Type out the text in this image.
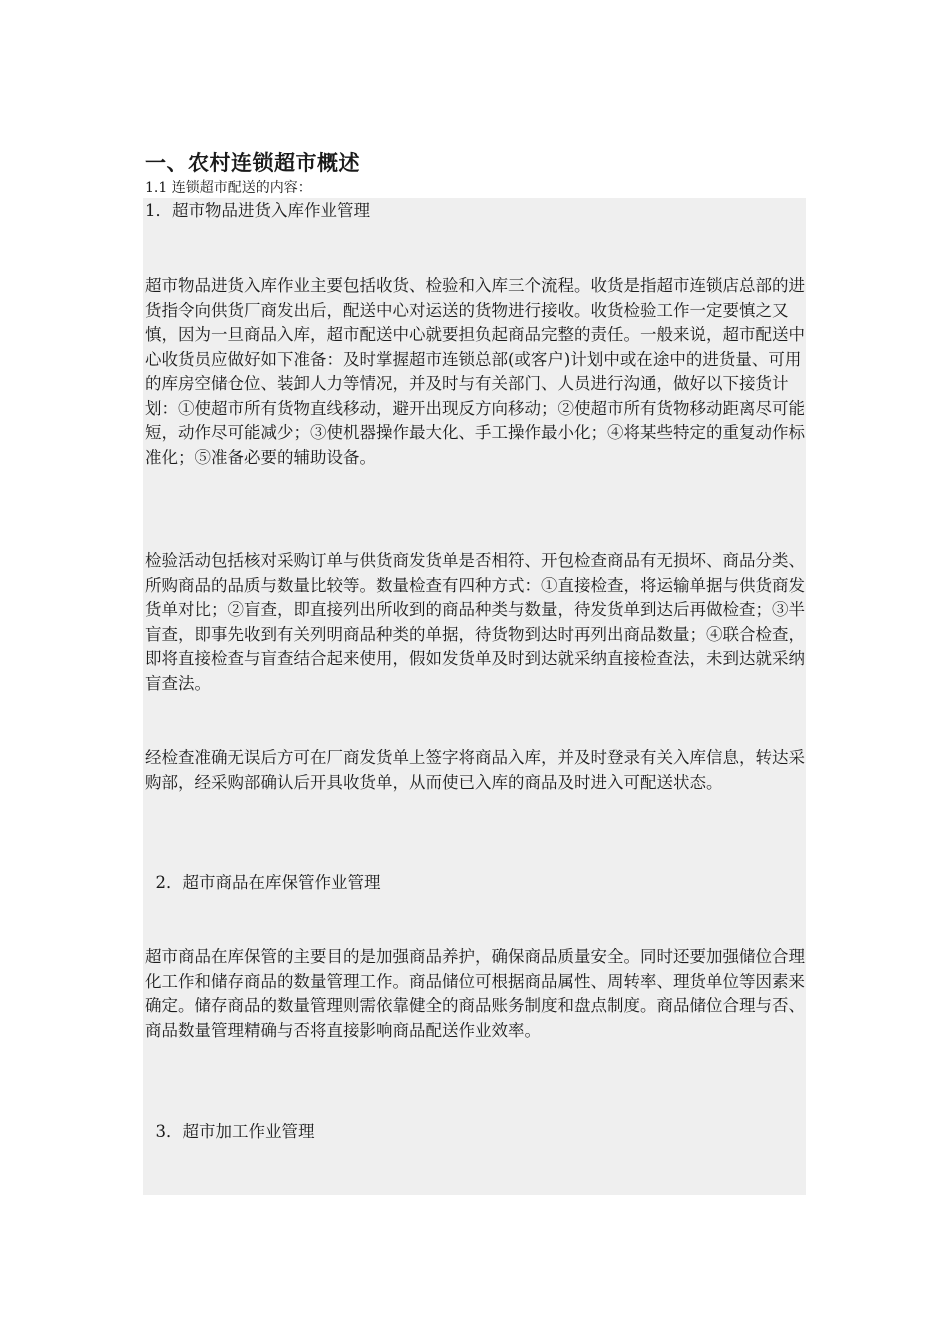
一、农村连锁超市概述

1.1 连锁超市配送的内容：

1．超市物品进货入库作业管理

超市物品进货入库作业主要包括收货、检验和入库三个流程。收货是指超市连锁店总部的进货指令向供货厂商发出后，配送中心对运送的货物进行接收。收货检验工作一定要慎之又慎，因为一旦商品入库，超市配送中心就要担负起商品完整的责任。一般来说，超市配送中心收货员应做好如下准备：及时掌握超市连锁总部(或客户)计划中或在途中的进货量、可用的库房空储仓位、装卸人力等情况，并及时与有关部门、人员进行沟通，做好以下接货计划：①使超市所有货物直线移动，避开出现反方向移动；②使超市所有货物移动距离尽可能短，动作尽可能减少；③使机器操作最大化、手工操作最小化；④将某些特定的重复动作标准化；⑤准备必要的辅助设备。

检验活动包括核对采购订单与供货商发货单是否相符、开包检查商品有无损坏、商品分类、所购商品的品质与数量比较等。数量检查有四种方式：①直接检查，将运输单据与供货商发货单对比；②盲查，即直接列出所收到的商品种类与数量，待发货单到达后再做检查；③半盲查，即事先收到有关列明商品种类的单据，待货物到达时再列出商品数量；④联合检查，即将直接检查与盲查结合起来使用，假如发货单及时到达就采纳直接检查法，未到达就采纳盲查法。

经检查准确无误后方可在厂商发货单上签字将商品入库，并及时登录有关入库信息，转达采购部，经采购部确认后开具收货单，从而使已入库的商品及时进入可配送状态。

2．超市商品在库保管作业管理

超市商品在库保管的主要目的是加强商品养护，确保商品质量安全。同时还要加强储位合理化工作和储存商品的数量管理工作。商品储位可根据商品属性、周转率、理货单位等因素来确定。储存商品的数量管理则需依靠健全的商品账务制度和盘点制度。商品储位合理与否、商品数量管理精确与否将直接影响商品配送作业效率。

3．超市加工作业管理
